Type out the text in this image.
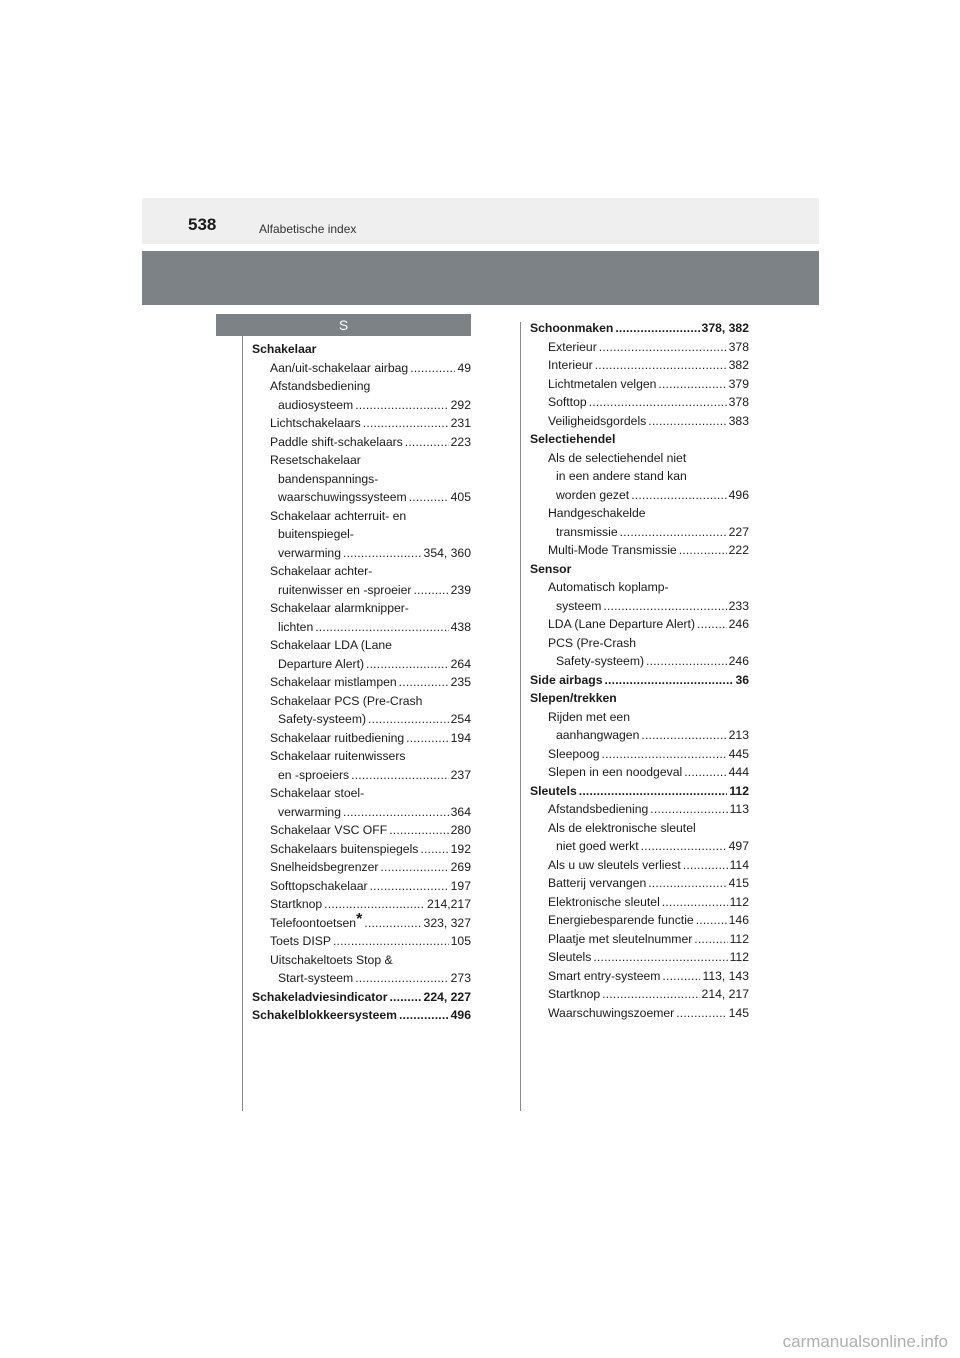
538	Alfabetische index
S
Schakelaar
Aan/uit-schakelaar airbag . . .	49
Afstandsbediening
audiosysteem . . .	292
Lichtschakelaars . . .	231
Paddle shift-schakelaars . . .	223
Resetschakelaar
bandenspannings-
waarschuwingssysteem . . .	405
Schakelaar achterruit- en
buitenspiegel-
verwarming . . .	354, 360
Schakelaar achter-
ruitenwisser en -sproeier . . .	239
Schakelaar alarmknipper-
lichten . . .	438
Schakelaar LDA (Lane
Departure Alert) . . .	264
Schakelaar mistlampen . . .	235
Schakelaar PCS (Pre-Crash
Safety-systeem) . . .	254
Schakelaar ruitbediening . . .	194
Schakelaar ruitenwissers
en -sproeiers . . .	237
Schakelaar stoel-
verwarming . . .	364
Schakelaar VSC OFF . . .	280
Schakelaars buitenspiegels . . .	192
Snelheidsbegrenzer . . .	269
Softtopschakelaar . . .	197
Startknop . . .	214,217
Telefoontoetsen* . . .	323, 327
Toets DISP . . .	105
Uitschakeltoets Stop &
Start-systeem . . .	273
Schakeladviesindicator . . .	224, 227
Schakelblokkeersysteem . . .	496
Schoonmaken . . .	378, 382
Exterieur . . .	378
Interieur . . .	382
Lichtmetalen velgen . . .	379
Softtop . . .	378
Veiligheidsgordels . . .	383
Selectiehendel
Als de selectiehendel niet
in een andere stand kan
worden gezet . . .	496
Handgeschakelde
transmissie . . .	227
Multi-Mode Transmissie . . .	222
Sensor
Automatisch koplamp-
systeem . . .	233
LDA (Lane Departure Alert) . . .	246
PCS (Pre-Crash
Safety-systeem) . . .	246
Side airbags . . .	36
Slepen/trekken
Rijden met een
aanhangwagen . . .	213
Sleepoog . . .	445
Slepen in een noodgeval . . .	444
Sleutels . . .	112
Afstandsbediening . . .	113
Als de elektronische sleutel
niet goed werkt . . .	497
Als u uw sleutels verliest . . .	114
Batterij vervangen . . .	415
Elektronische sleutel . . .	112
Energiebesparende functie . . .	146
Plaatje met sleutelnummer . . .	112
Sleutels . . .	112
Smart entry-systeem . . .	113, 143
Startknop . . .	214, 217
Waarschuwingszoemer . . .	145
carmanualsonline.info
